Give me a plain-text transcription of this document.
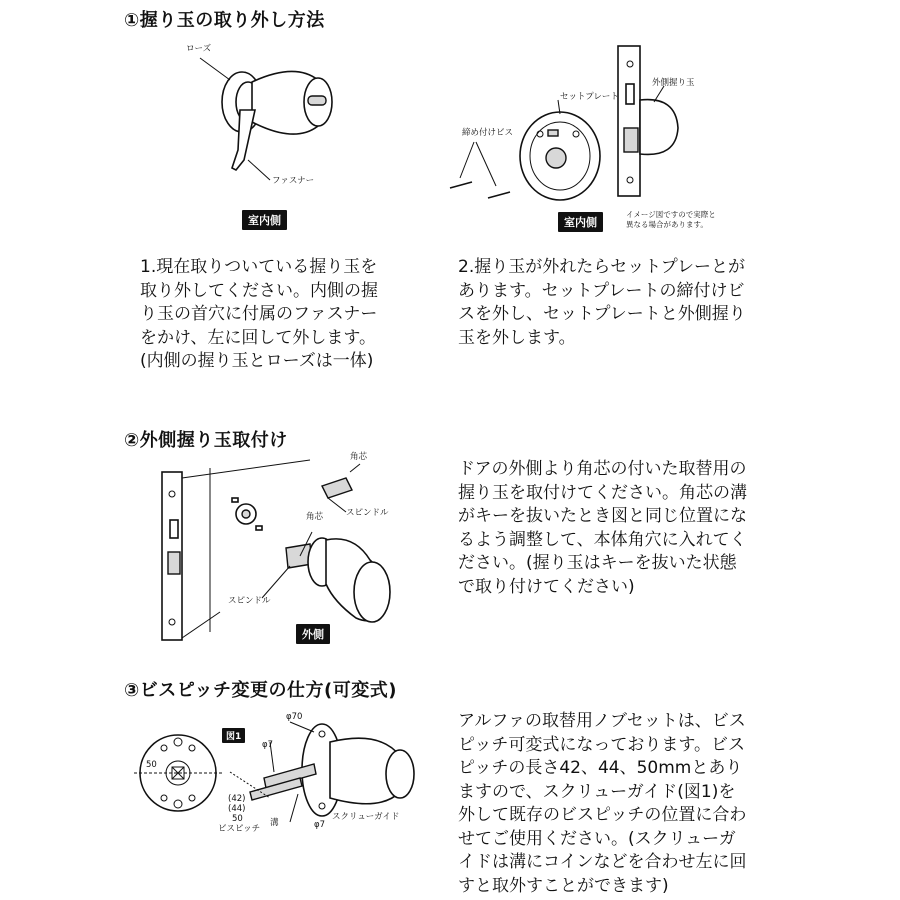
①握り玉の取り外し方法
ローズ
ファスナー
室内側
セットプレート
外側握り玉
締め付けビス
室内側
イメージ図ですので実際と
異なる場合があります。
1.現在取りついている握り玉を
取り外してください。内側の握
り玉の首穴に付属のファスナー
をかけ、左に回して外します。
(内側の握り玉とローズは一体)
2.握り玉が外れたらセットプレーとが
あります。セットプレートの締付けビ
スを外し、セットプレートと外側握り
玉を外します。
②外側握り玉取付け
角芯
スピンドル
角芯
スピンドル
外側
ドアの外側より角芯の付いた取替用の
握り玉を取付けてください。角芯の溝
がキーを抜いたとき図と同じ位置にな
るよう調整して、本体角穴に入れてく
ださい。(握り玉はキーを抜いた状態
で取り付けてください)
③ビスピッチ変更の仕方(可変式)
50
図1
φ70
φ7
φ7
(42)
(44)
50
ビスピッチ
溝
スクリューガイド
アルファの取替用ノブセットは、ビス
ピッチ可変式になっております。ビス
ピッチの長さ42、44、50mmとあり
ますので、スクリューガイド(図1)を
外して既存のビスピッチの位置に合わ
せてご使用ください。(スクリューガ
イドは溝にコインなどを合わせ左に回
すと取外すことができます)
